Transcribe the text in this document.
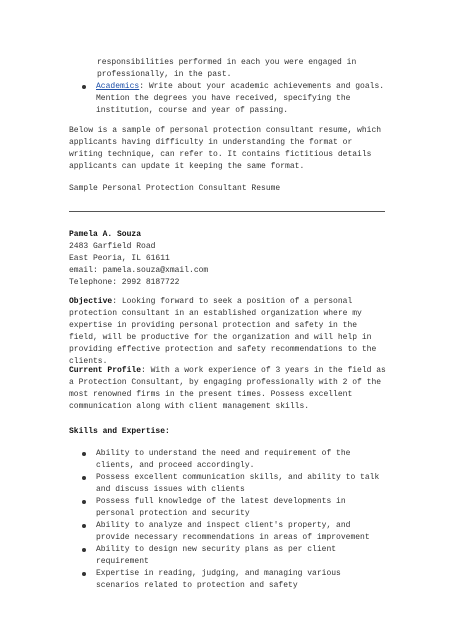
responsibilities performed in each you were engaged in professionally, in the past.

Academics: Write about your academic achievements and goals. Mention the degrees you have received, specifying the institution, course and year of passing.

Below is a sample of personal protection consultant resume, which applicants having difficulty in understanding the format or writing technique, can refer to. It contains fictitious details applicants can update it keeping the same format.

Sample Personal Protection Consultant Resume

Pamela A. Souza
2483 Garfield Road
East Peoria, IL 61611
email: pamela.souza@xmail.com
Telephone: 2992 8187722

Objective: Looking forward to seek a position of a personal protection consultant in an established organization where my expertise in providing personal protection and safety in the field, will be productive for the organization and will help in providing effective protection and safety recommendations to the clients.

Current Profile: With a work experience of 3 years in the field as a Protection Consultant, by engaging professionally with 2 of the most renowned firms in the present times. Possess excellent communication along with client management skills.

Skills and Expertise:

Ability to understand the need and requirement of the clients, and proceed accordingly.
Possess excellent communication skills, and ability to talk and discuss issues with clients
Possess full knowledge of the latest developments in personal protection and security
Ability to analyze and inspect client's property, and provide necessary recommendations in areas of improvement
Ability to design new security plans as per client requirement
Expertise in reading, judging, and managing various scenarios related to protection and safety
